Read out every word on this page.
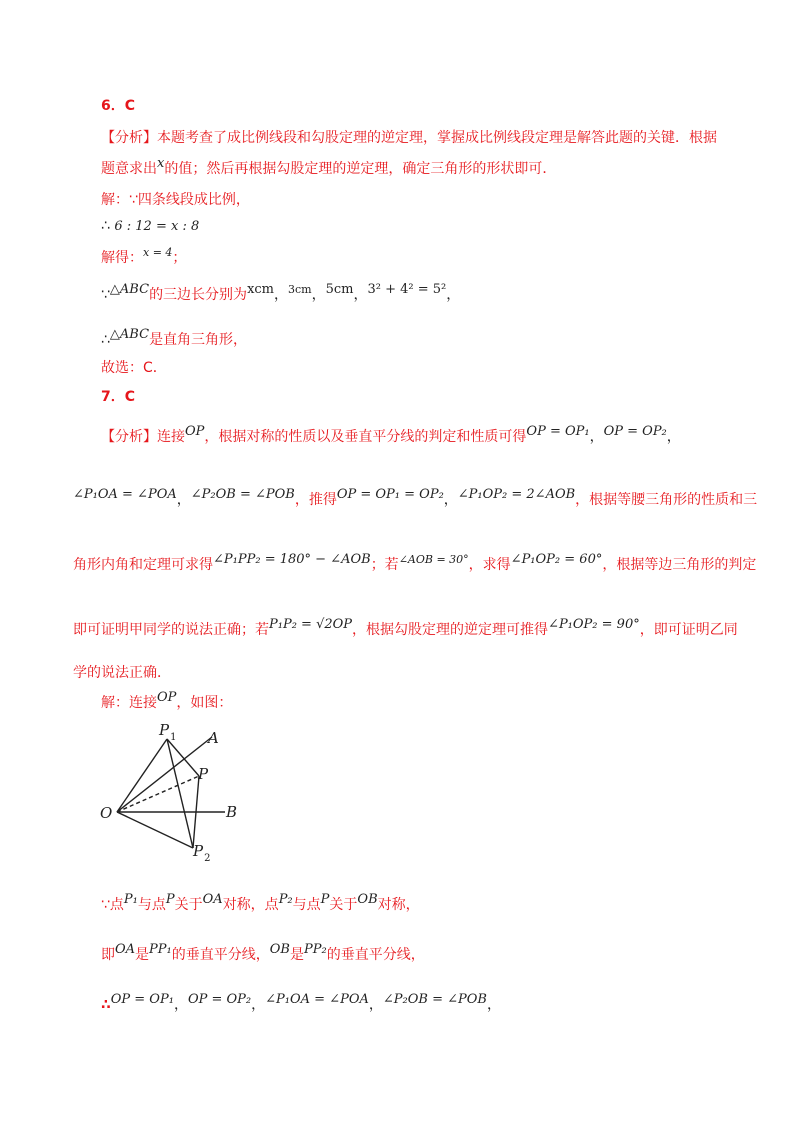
6．C
【分析】本题考查了成比例线段和勾股定理的逆定理，掌握成比例线段定理是解答此题的关键．根据
题意求出x的值；然后再根据勾股定理的逆定理，确定三角形的形状即可．
解：∵四条线段成比例，
∴ 6 : 12 = x : 8
解得：$^{x = 4}$；
∵△ABC的三边长分别为xcm，$^{3cm}$，5cm，3² + 4² = 5²，
∴△ABC是直角三角形，
故选：C．
7．C
【分析】连接OP，根据对称的性质以及垂直平分线的判定和性质可得OP = OP₁，OP = OP₂，
∠P₁OA = ∠POA，∠P₂OB = ∠POB，推得OP = OP₁ = OP₂，∠P₁OP₂ = 2∠AOB，根据等腰三角形的性质和三
角形内角和定理可求得∠P₁PP₂ = 180° − ∠AOB；若$^{\angle AOB = 30^\circ}$，求得∠P₁OP₂ = 60°，根据等边三角形的判定
即可证明甲同学的说法正确；若P₁P₂ = √2OP，根据勾股定理的逆定理可推得∠P₁OP₂ = 90°，即可证明乙同
学的说法正确．
解：连接OP，如图：
$P_1$ A
P
O	B
$P_2$
∵点P₁与点P关于OA对称，点P₂与点P关于OB对称，
即OA是PP₁的垂直平分线，OB是PP₂的垂直平分线，
∴OP = OP₁，OP = OP₂，∠P₁OA = ∠POA，∠P₂OB = ∠POB，
